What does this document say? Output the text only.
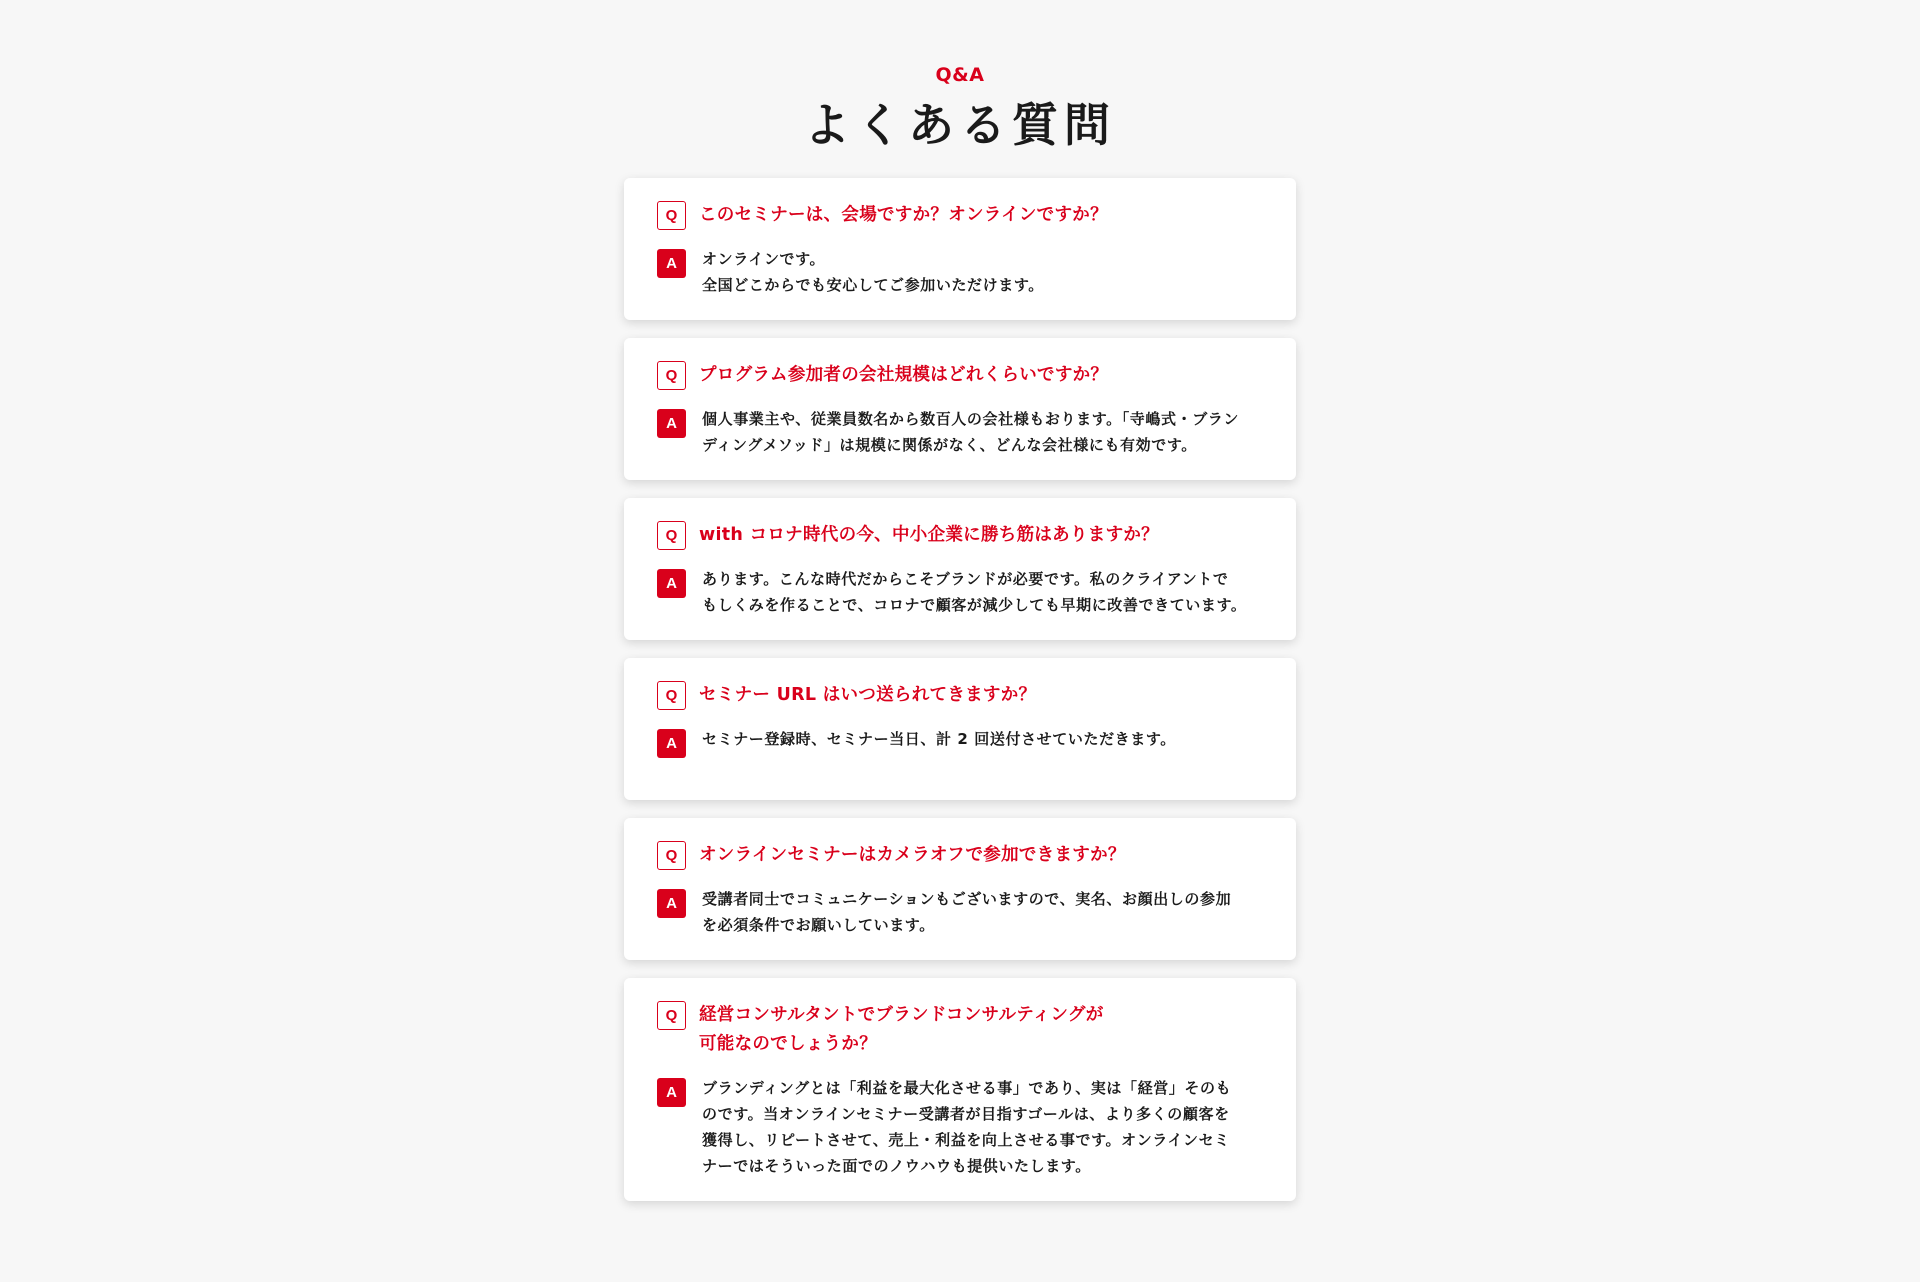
Q&A
よくある質問
Q	このセミナーは、会場ですか？オンラインですか？
A	オンラインです。
全国どこからでも安心してご参加いただけます。
Q	プログラム参加者の会社規模はどれくらいですか？
A	個人事業主や、従業員数名から数百人の会社様もおります。「寺嶋式・ブラン
ディングメソッド」は規模に関係がなく、どんな会社様にも有効です。
Q	with コロナ時代の今、中小企業に勝ち筋はありますか？
A	あります。こんな時代だからこそブランドが必要です。私のクライアントで
もしくみを作ることで、コロナで顧客が減少しても早期に改善できています。
Q	セミナー URL はいつ送られてきますか？
A	セミナー登録時、セミナー当日、計 2 回送付させていただきます。
Q	オンラインセミナーはカメラオフで参加できますか？
A	受講者同士でコミュニケーションもございますので、実名、お顔出しの参加
を必須条件でお願いしています。
Q	経営コンサルタントでブランドコンサルティングが
可能なのでしょうか？
A	ブランディングとは「利益を最大化させる事」であり、実は「経営」そのも
のです。当オンラインセミナー受講者が目指すゴールは、より多くの顧客を
獲得し、リピートさせて、売上・利益を向上させる事です。オンラインセミ
ナーではそういった面でのノウハウも提供いたします。
